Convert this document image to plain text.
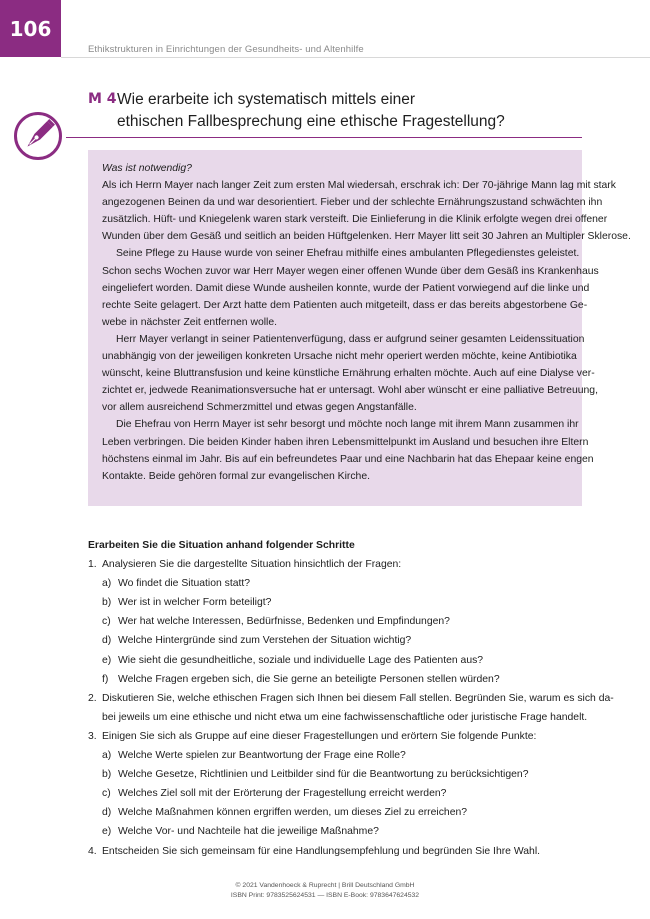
106
Ethikstrukturen in Einrichtungen der Gesundheits- und Altenhilfe
M 4 Wie erarbeite ich systematisch mittels einer
ethischen Fallbesprechung eine ethische Fragestellung?
Was ist notwendig?
Als ich Herrn Mayer nach langer Zeit zum ersten Mal wiedersah, erschrak ich: Der 70-jährige Mann lag mit stark
angezogenen Beinen da und war desorientiert. Fieber und der schlechte Ernährungszustand schwächten ihn
zusätzlich. Hüft- und Kniegelenk waren stark versteift. Die Einlieferung in die Klinik erfolgte wegen drei offener
Wunden über dem Gesäß und seitlich an beiden Hüftgelenken. Herr Mayer litt seit 30 Jahren an Multipler Sklerose.
Seine Pflege zu Hause wurde von seiner Ehefrau mithilfe eines ambulanten Pflegedienstes geleistet.
Schon sechs Wochen zuvor war Herr Mayer wegen einer offenen Wunde über dem Gesäß ins Krankenhaus
eingeliefert worden. Damit diese Wunde ausheilen konnte, wurde der Patient vorwiegend auf die linke und
rechte Seite gelagert. Der Arzt hatte dem Patienten auch mitgeteilt, dass er das bereits abgestorbene Ge-
webe in nächster Zeit entfernen wolle.
Herr Mayer verlangt in seiner Patientenverfügung, dass er aufgrund seiner gesamten Leidenssituation
unabhängig von der jeweiligen konkreten Ursache nicht mehr operiert werden möchte, keine Antibiotika
wünscht, keine Bluttransfusion und keine künstliche Ernährung erhalten möchte. Auch auf eine Dialyse ver-
zichtet er, jedwede Reanimationsversuche hat er untersagt. Wohl aber wünscht er eine palliative Betreuung,
vor allem ausreichend Schmerzmittel und etwas gegen Angstanfälle.
Die Ehefrau von Herrn Mayer ist sehr besorgt und möchte noch lange mit ihrem Mann zusammen ihr
Leben verbringen. Die beiden Kinder haben ihren Lebensmittelpunkt im Ausland und besuchen ihre Eltern
höchstens einmal im Jahr. Bis auf ein befreundetes Paar und eine Nachbarin hat das Ehepaar keine engen
Kontakte. Beide gehören formal zur evangelischen Kirche.
Erarbeiten Sie die Situation anhand folgender Schritte
1. Analysieren Sie die dargestellte Situation hinsichtlich der Fragen:
a) Wo findet die Situation statt?
b) Wer ist in welcher Form beteiligt?
c) Wer hat welche Interessen, Bedürfnisse, Bedenken und Empfindungen?
d) Welche Hintergründe sind zum Verstehen der Situation wichtig?
e) Wie sieht die gesundheitliche, soziale und individuelle Lage des Patienten aus?
f) Welche Fragen ergeben sich, die Sie gerne an beteiligte Personen stellen würden?
2. Diskutieren Sie, welche ethischen Fragen sich Ihnen bei diesem Fall stellen. Begründen Sie, warum es sich da-
bei jeweils um eine ethische und nicht etwa um eine fachwissenschaftliche oder juristische Frage handelt.
3. Einigen Sie sich als Gruppe auf eine dieser Fragestellungen und erörtern Sie folgende Punkte:
a) Welche Werte spielen zur Beantwortung der Frage eine Rolle?
b) Welche Gesetze, Richtlinien und Leitbilder sind für die Beantwortung zu berücksichtigen?
c) Welches Ziel soll mit der Erörterung der Fragestellung erreicht werden?
d) Welche Maßnahmen können ergriffen werden, um dieses Ziel zu erreichen?
e) Welche Vor- und Nachteile hat die jeweilige Maßnahme?
4. Entscheiden Sie sich gemeinsam für eine Handlungsempfehlung und begründen Sie Ihre Wahl.
© 2021 Vandenhoeck & Ruprecht | Brill Deutschland GmbH
ISBN Print: 9783525624531 — ISBN E-Book: 9783647624532
